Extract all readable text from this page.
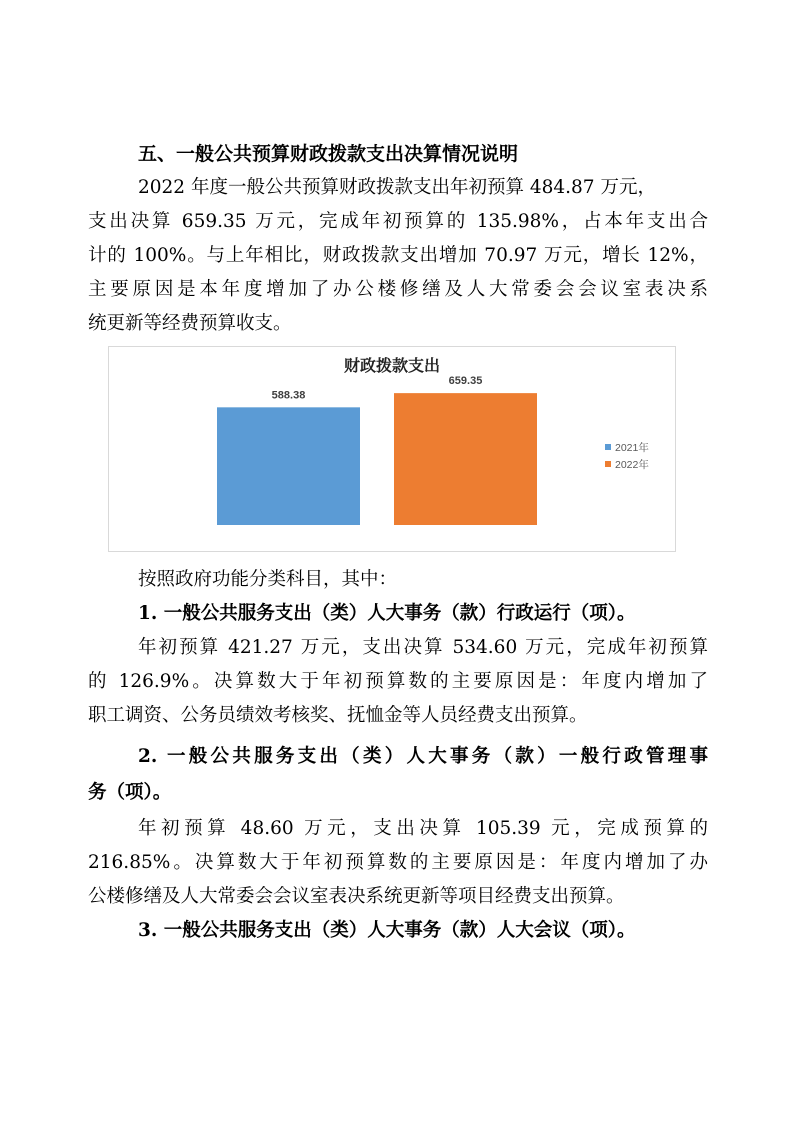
五、一般公共预算财政拨款支出决算情况说明
2022 年度一般公共预算财政拨款支出年初预算 484.87 万元，
支出决算 659.35 万元，完成年初预算的 135.98%，占本年支出合
计的 100%。与上年相比，财政拨款支出增加 70.97 万元，增长 12%，
主要原因是本年度增加了办公楼修缮及人大常委会会议室表决系
统更新等经费预算收支。
财政拨款支出
588.38
659.35
2021年
2022年
按照政府功能分类科目，其中：
1. 一般公共服务支出（类）人大事务（款）行政运行（项）。
年初预算 421.27 万元，支出决算 534.60 万元，完成年初预算
的 126.9%。决算数大于年初预算数的主要原因是：年度内增加了
职工调资、公务员绩效考核奖、抚恤金等人员经费支出预算。
2. 一般公共服务支出（类）人大事务（款）一般行政管理事
务（项）。
年初预算 48.60 万元，支出决算 105.39 元，完成预算的
216.85%。决算数大于年初预算数的主要原因是：年度内增加了办
公楼修缮及人大常委会会议室表决系统更新等项目经费支出预算。
3. 一般公共服务支出（类）人大事务（款）人大会议（项）。
